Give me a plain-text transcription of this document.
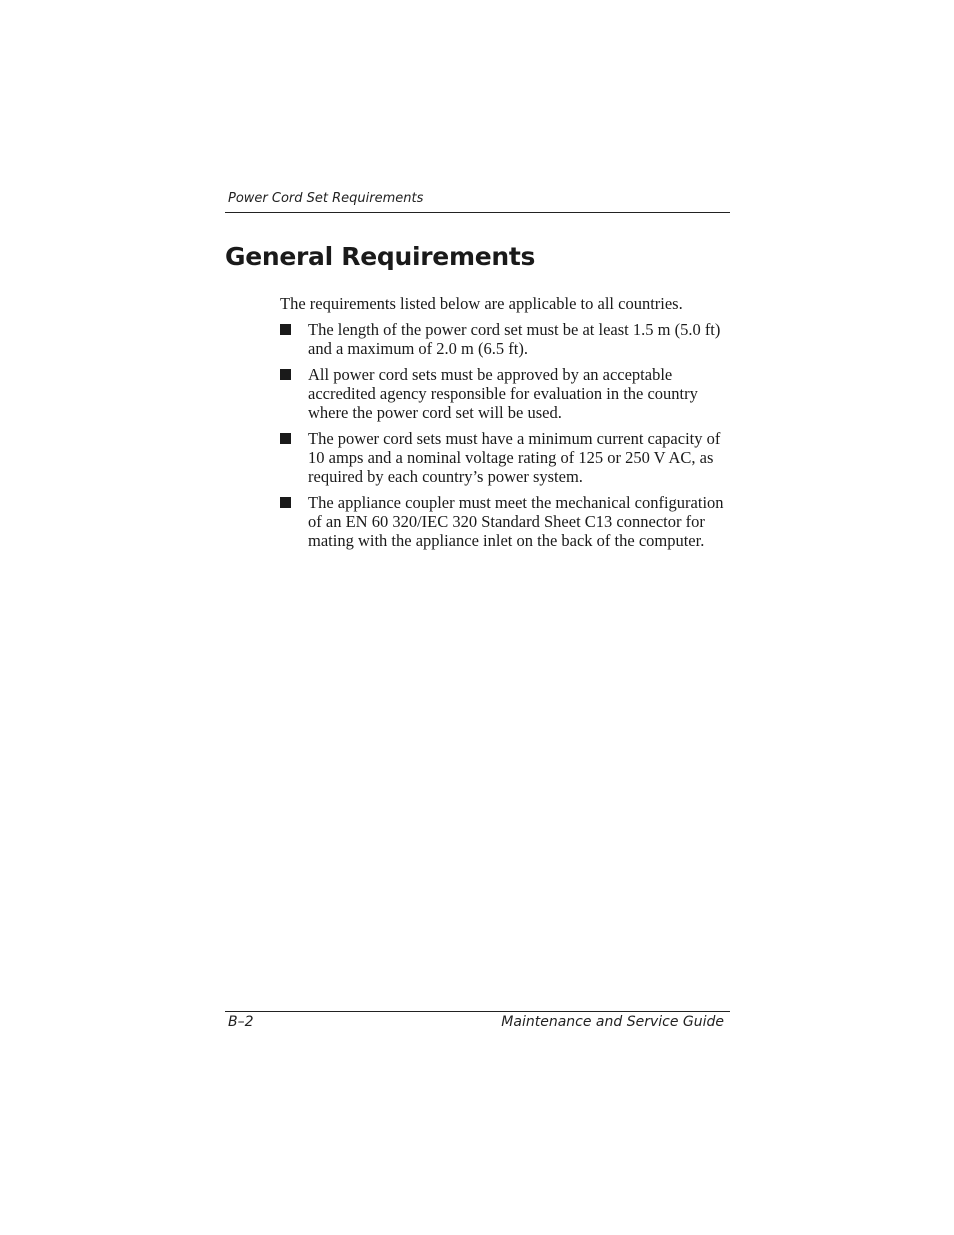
Power Cord Set Requirements
General Requirements

The requirements listed below are applicable to all countries.

The length of the power cord set must be at least 1.5 m (5.0 ft) and a maximum of 2.0 m (6.5 ft).
All power cord sets must be approved by an acceptable accredited agency responsible for evaluation in the country where the power cord set will be used.
The power cord sets must have a minimum current capacity of 10 amps and a nominal voltage rating of 125 or 250 V AC, as required by each country’s power system.
The appliance coupler must meet the mechanical configuration of an EN 60 320/IEC 320 Standard Sheet C13 connector for mating with the appliance inlet on the back of the computer.
B–2	Maintenance and Service Guide
